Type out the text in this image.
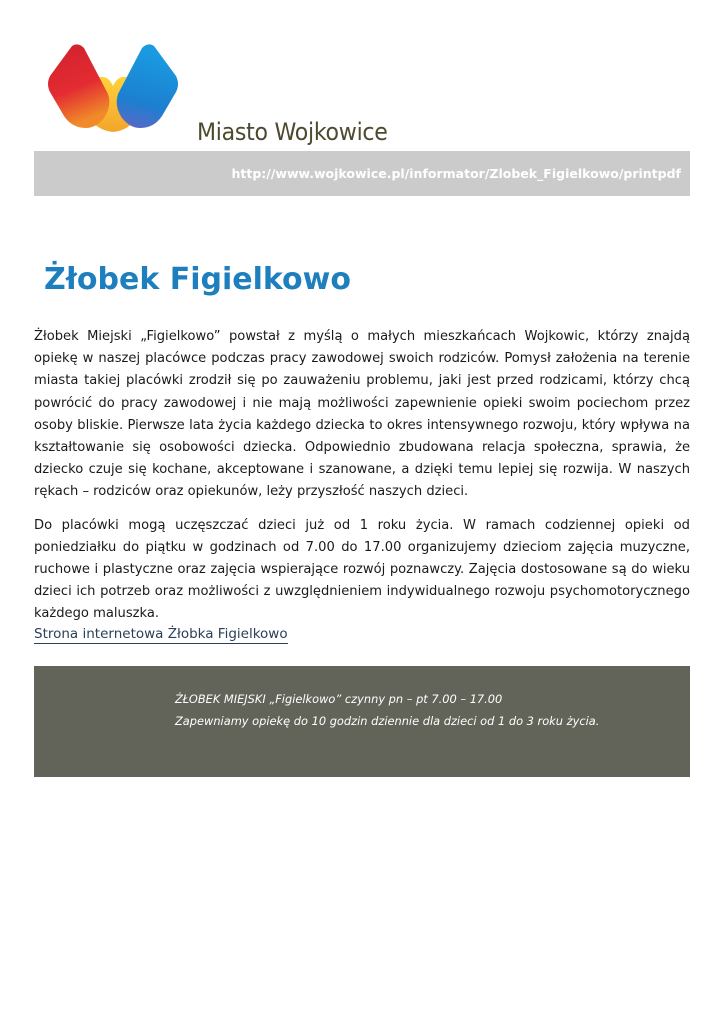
Miasto Wojkowice
http://www.wojkowice.pl/informator/Zlobek_Figielkowo/printpdf
Żłobek Figielkowo

Żłobek Miejski „Figielkowo” powstał z myślą o małych mieszkańcach Wojkowic, którzy znajdą opiekę w naszej placówce podczas pracy zawodowej swoich rodziców. Pomysł założenia na terenie miasta takiej placówki zrodził się po zauważeniu problemu, jaki jest przed rodzicami, którzy chcą powrócić do pracy zawodowej i nie mają możliwości zapewnienie opieki swoim pociechom przez osoby bliskie. Pierwsze lata życia każdego dziecka to okres intensywnego rozwoju, który wpływa na kształtowanie się osobowości dziecka. Odpowiednio zbudowana relacja społeczna, sprawia, że dziecko czuje się kochane, akceptowane i szanowane, a dzięki temu lepiej się rozwija. W naszych rękach – rodziców oraz opiekunów, leży przyszłość naszych dzieci.

Do placówki mogą uczęszczać dzieci już od 1 roku życia. W ramach codziennej opieki od poniedziałku do piątku w godzinach od 7.00 do 17.00 organizujemy dzieciom zajęcia muzyczne, ruchowe i plastyczne oraz zajęcia wspierające rozwój poznawczy. Zajęcia dostosowane są do wieku dzieci ich potrzeb oraz możliwości z uwzględnieniem indywidualnego rozwoju psychomotorycznego każdego maluszka.

Strona internetowa Żłobka Figielkowo
ŻŁOBEK MIEJSKI „Figielkowo” czynny pn – pt 7.00 – 17.00
Zapewniamy opiekę do 10 godzin dziennie dla dzieci od 1 do 3 roku życia.
